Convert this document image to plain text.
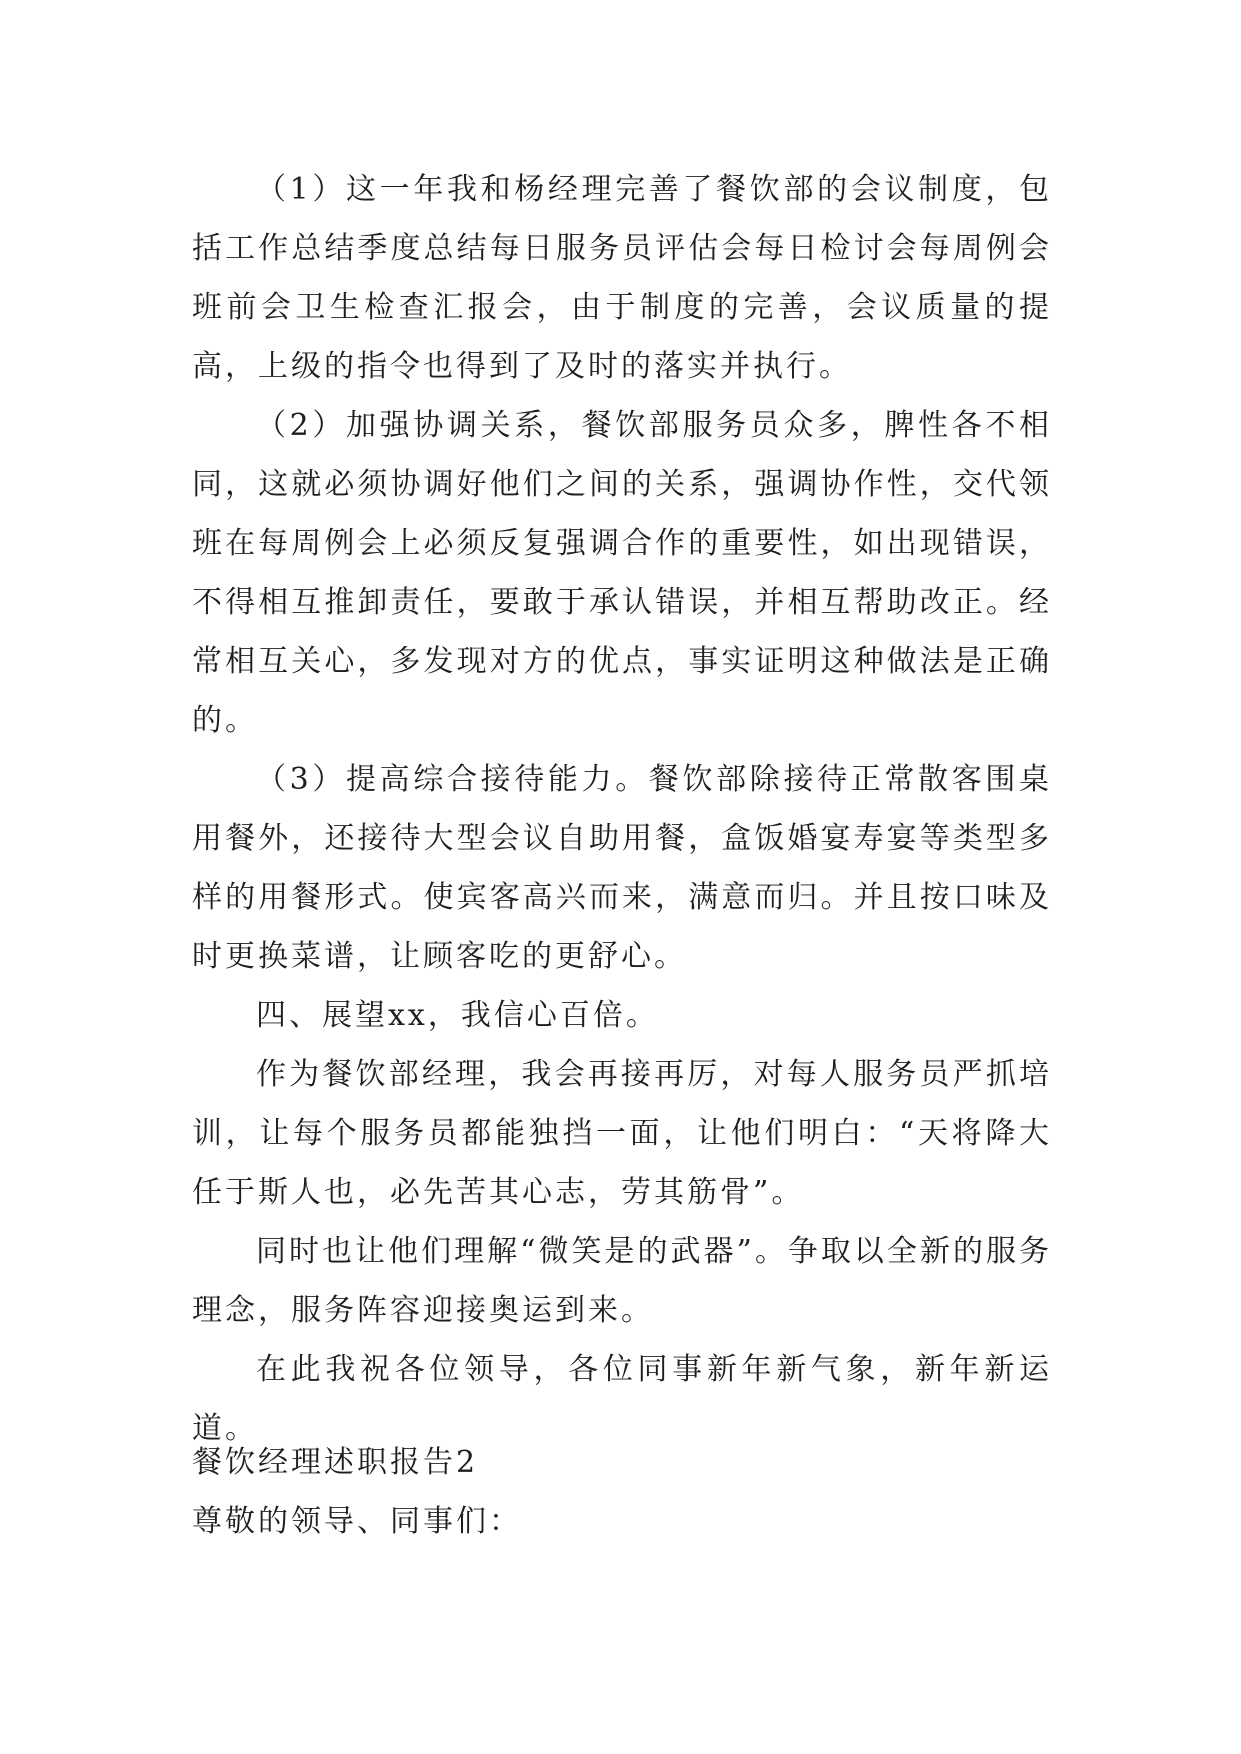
（1）这一年我和杨经理完善了餐饮部的会议制度，包括工作总结季度总结每日服务员评估会每日检讨会每周例会班前会卫生检查汇报会，由于制度的完善，会议质量的提高，上级的指令也得到了及时的落实并执行。

（2）加强协调关系，餐饮部服务员众多，脾性各不相同，这就必须协调好他们之间的关系，强调协作性，交代领班在每周例会上必须反复强调合作的重要性，如出现错误，不得相互推卸责任，要敢于承认错误，并相互帮助改正。经常相互关心，多发现对方的优点，事实证明这种做法是正确的。

（3）提高综合接待能力。餐饮部除接待正常散客围桌用餐外，还接待大型会议自助用餐，盒饭婚宴寿宴等类型多样的用餐形式。使宾客高兴而来，满意而归。并且按口味及时更换菜谱，让顾客吃的更舒心。

四、展望xx，我信心百倍。

作为餐饮部经理，我会再接再厉，对每人服务员严抓培训，让每个服务员都能独挡一面，让他们明白：“天将降大任于斯人也，必先苦其心志，劳其筋骨”。

同时也让他们理解“微笑是的武器”。争取以全新的服务理念，服务阵容迎接奥运到来。

在此我祝各位领导，各位同事新年新气象，新年新运道。

餐饮经理述职报告2

尊敬的领导、同事们：
